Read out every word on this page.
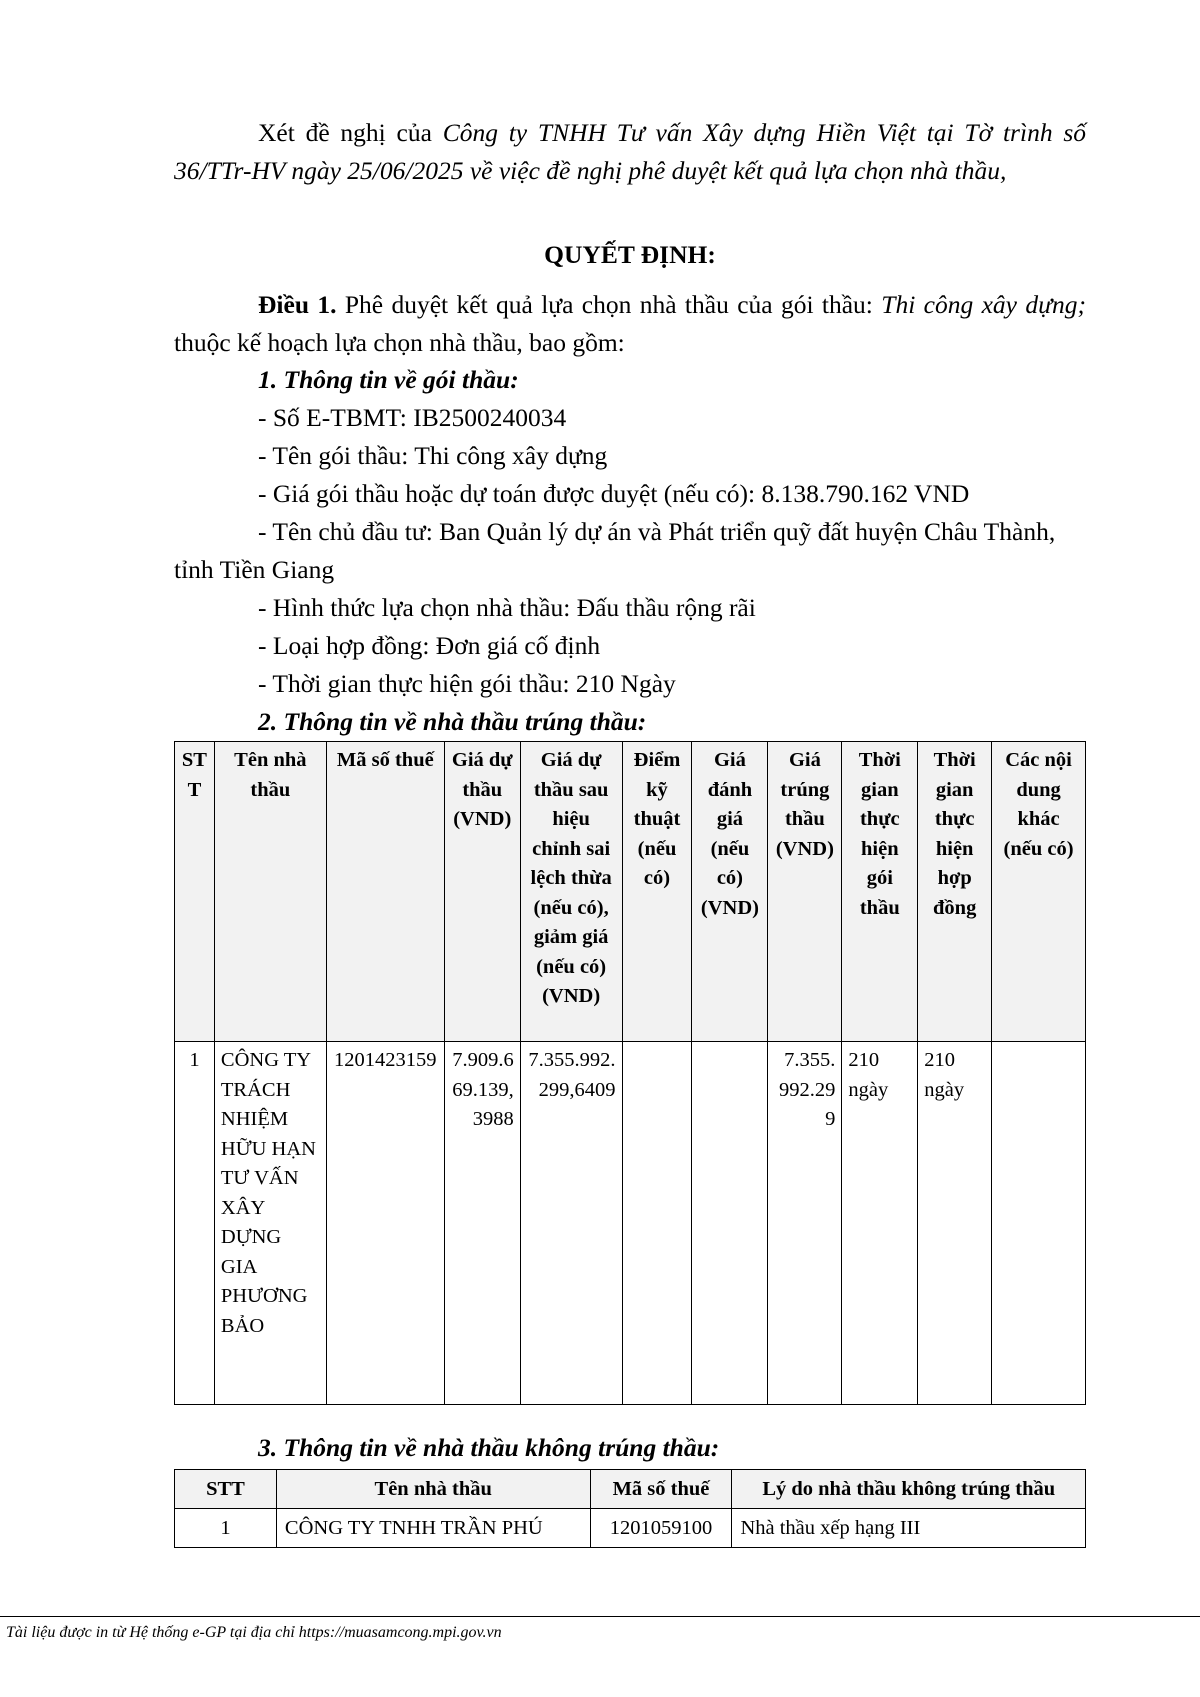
Xét đề nghị của Công ty TNHH Tư vấn Xây dựng Hiền Việt tại Tờ trình số 36/TTr-HV ngày 25/06/2025 về việc đề nghị phê duyệt kết quả lựa chọn nhà thầu,

QUYẾT ĐỊNH:

Điều 1. Phê duyệt kết quả lựa chọn nhà thầu của gói thầu: Thi công xây dựng; thuộc kế hoạch lựa chọn nhà thầu, bao gồm:

1. Thông tin về gói thầu:
- Số E-TBMT: IB2500240034
- Tên gói thầu: Thi công xây dựng
- Giá gói thầu hoặc dự toán được duyệt (nếu có): 8.138.790.162 VND

- Tên chủ đầu tư: Ban Quản lý dự án và Phát triển quỹ đất huyện Châu Thành, tỉnh Tiền Giang

- Hình thức lựa chọn nhà thầu: Đấu thầu rộng rãi
- Loại hợp đồng: Đơn giá cố định
- Thời gian thực hiện gói thầu: 210 Ngày
2. Thông tin về nhà thầu trúng thầu:
STT	Tên nhà thầu	Mã số thuế	Giá dự thầu (VND)	Giá dự thầu sau hiệu chỉnh sai lệch thừa (nếu có), giảm giá (nếu có) (VND)	Điểm kỹ thuật (nếu có)	Giá đánh giá (nếu có) (VND)	Giá trúng thầu (VND)	Thời gian thực hiện gói thầu	Thời gian thực hiện hợp đồng	Các nội dung khác (nếu có)
1	CÔNG TY TRÁCH NHIỆM HỮU HẠN TƯ VẤN XÂY DỰNG GIA PHƯƠNG BẢO	1201423159	7.909.669.139,3988	7.355.992.299,6409			7.355.992.299	210 ngày	210 ngày	
3. Thông tin về nhà thầu không trúng thầu:
STT	Tên nhà thầu	Mã số thuế	Lý do nhà thầu không trúng thầu
1	CÔNG TY TNHH TRẦN PHÚ	1201059100	Nhà thầu xếp hạng III
Tài liệu được in từ Hệ thống e-GP tại địa chỉ https://muasamcong.mpi.gov.vn
